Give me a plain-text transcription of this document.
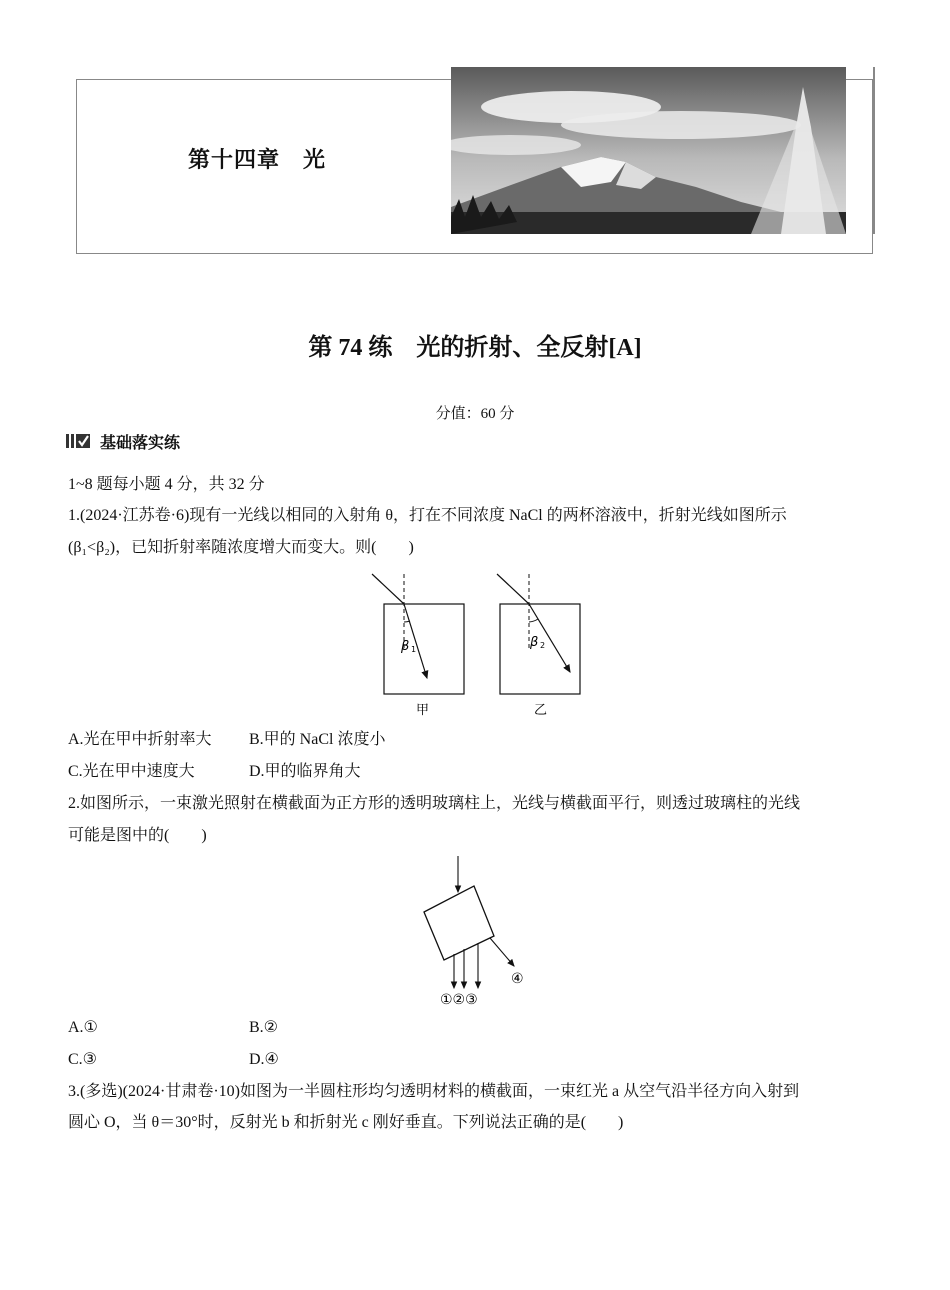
第十四章　光
第 74 练　光的折射、全反射[A]
分值：60 分
基础落实练
1~8 题每小题 4 分，共 32 分
1.(2024·江苏卷·6)现有一光线以相同的入射角 θ，打在不同浓度 NaCl 的两杯溶液中，折射光线如图所示
(β₁<β₂)，已知折射率随浓度增大而变大。则(　　)
β 1
甲
β 2
乙
A.光在甲中折射率大 B.甲的 NaCl 浓度小
C.光在甲中速度大	D.甲的临界角大
2.如图所示，一束激光照射在横截面为正方形的透明玻璃柱上，光线与横截面平行，则透过玻璃柱的光线
可能是图中的(　　)
①②③
④
A.①	B.②
C.③	D.④
3.(多选)(2024·甘肃卷·10)如图为一半圆柱形均匀透明材料的横截面，一束红光 a 从空气沿半径方向入射到
圆心 O，当 θ＝30°时，反射光 b 和折射光 c 刚好垂直。下列说法正确的是(　　)
